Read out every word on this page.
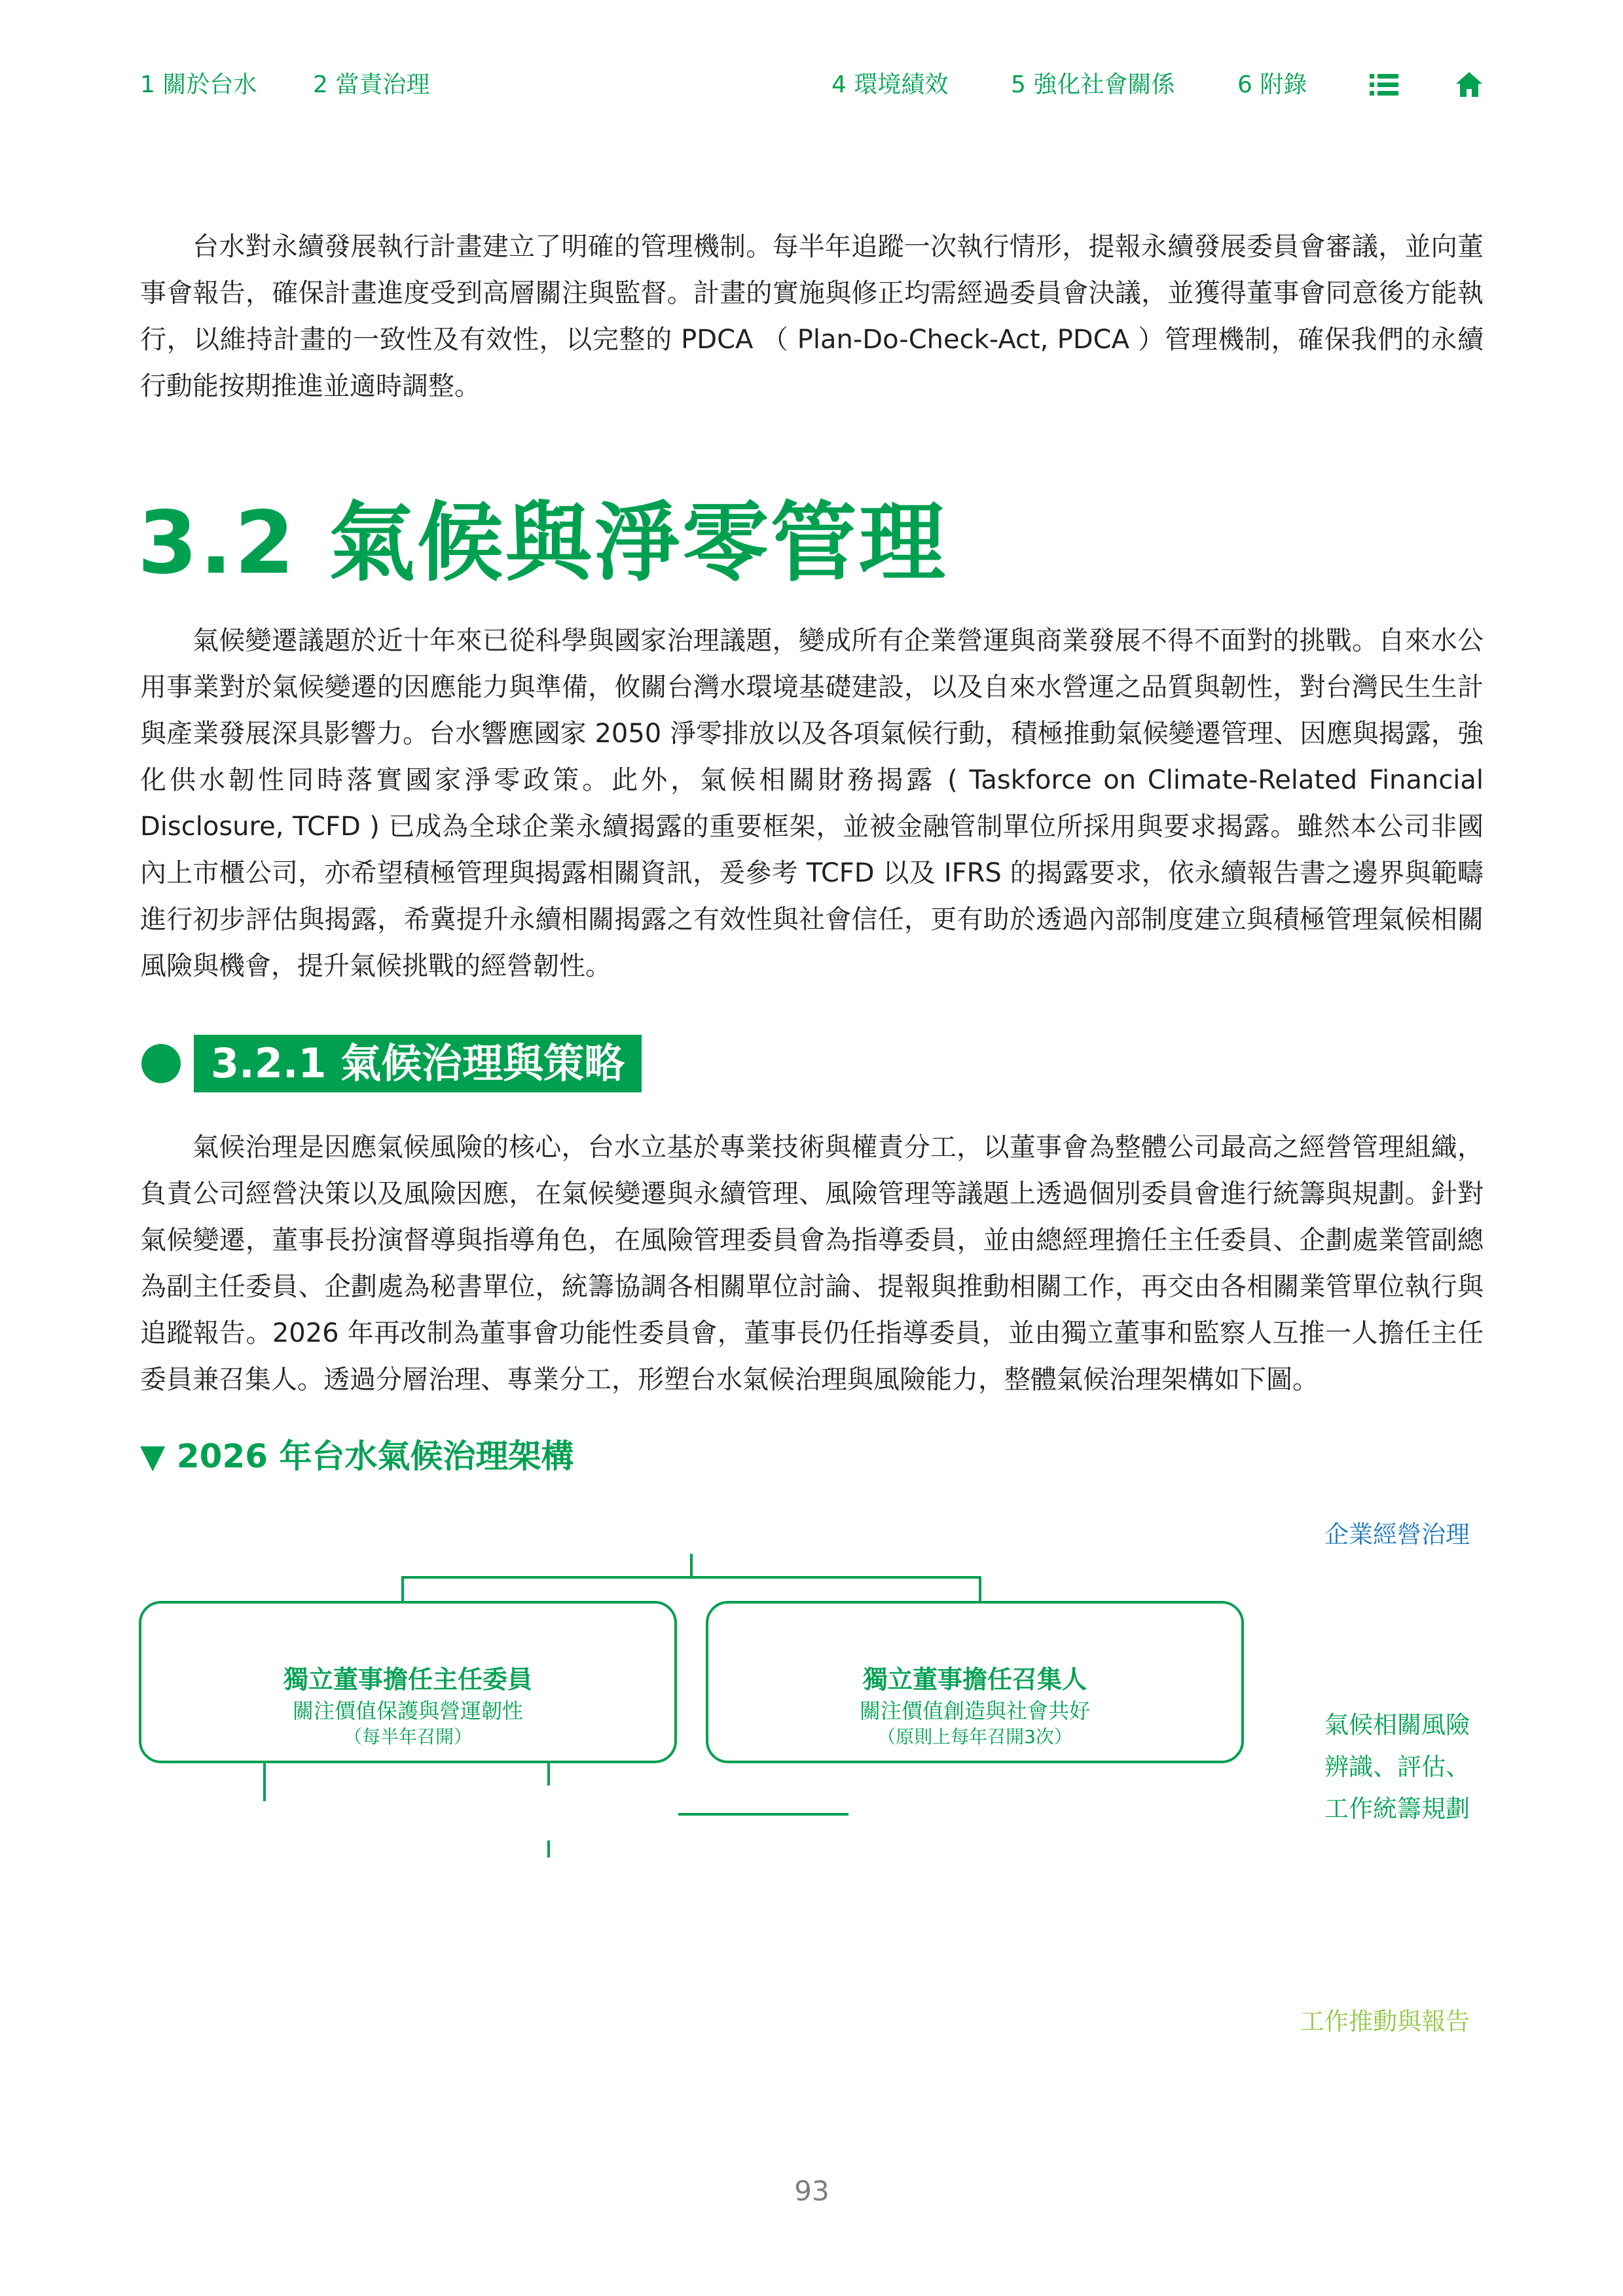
1 關於台水 2 當責治理	4 環境績效	5 強化社會關係	6 附錄

台水對永續發展執行計畫建立了明確的管理機制。每半年追蹤一次執行情形，提報永續發展委員會審議，並向董事會報告，確保計畫進度受到高層關注與監督。計畫的實施與修正均需經過委員會決議，並獲得董事會同意後方能執行，以維持計畫的一致性及有效性，以完整的 PDCA （ Plan-Do-Check-Act, PDCA ）管理機制，確保我們的永續行動能按期推進並適時調整。

3.2 氣候與淨零管理

氣候變遷議題於近十年來已從科學與國家治理議題，變成所有企業營運與商業發展不得不面對的挑戰。自來水公用事業對於氣候變遷的因應能力與準備，攸關台灣水環境基礎建設，以及自來水營運之品質與韌性，對台灣民生生計與產業發展深具影響力。台水響應國家 2050 淨零排放以及各項氣候行動，積極推動氣候變遷管理、因應與揭露，強化供水韌性同時落實國家淨零政策。此外，氣候相關財務揭露 ( Taskforce on Climate-Related Financial Disclosure, TCFD ) 已成為全球企業永續揭露的重要框架，並被金融管制單位所採用與要求揭露。雖然本公司非國內上市櫃公司，亦希望積極管理與揭露相關資訊，爰參考 TCFD 以及 IFRS 的揭露要求，依永續報告書之邊界與範疇進行初步評估與揭露，希冀提升永續相關揭露之有效性與社會信任，更有助於透過內部制度建立與積極管理氣候相關風險與機會，提升氣候挑戰的經營韌性。

3.2.1 氣候治理與策略

氣候治理是因應氣候風險的核心，台水立基於專業技術與權責分工，以董事會為整體公司最高之經營管理組織，負責公司經營決策以及風險因應，在氣候變遷與永續管理、風險管理等議題上透過個別委員會進行統籌與規劃。針對氣候變遷，董事長扮演督導與指導角色，在風險管理委員會為指導委員，並由總經理擔任主任委員、企劃處業管副總為副主任委員、企劃處為秘書單位，統籌協調各相關單位討論、提報與推動相關工作，再交由各相關業管單位執行與追蹤報告。2026 年再改制為董事會功能性委員會，董事長仍任指導委員，並由獨立董事和監察人互推一人擔任主任委員兼召集人。透過分層治理、專業分工，形塑台水氣候治理與風險能力，整體氣候治理架構如下圖。

▼ 2026 年台水氣候治理架構
企業經營治理
氣候相關風險
辨識、評估、
工作統籌規劃
工作推動與報告
獨立董事擔任主任委員
關注價值保護與營運韌性
（每半年召開）
獨立董事擔任召集人
關注價值創造與社會共好
（原則上每年召開3次）
93
